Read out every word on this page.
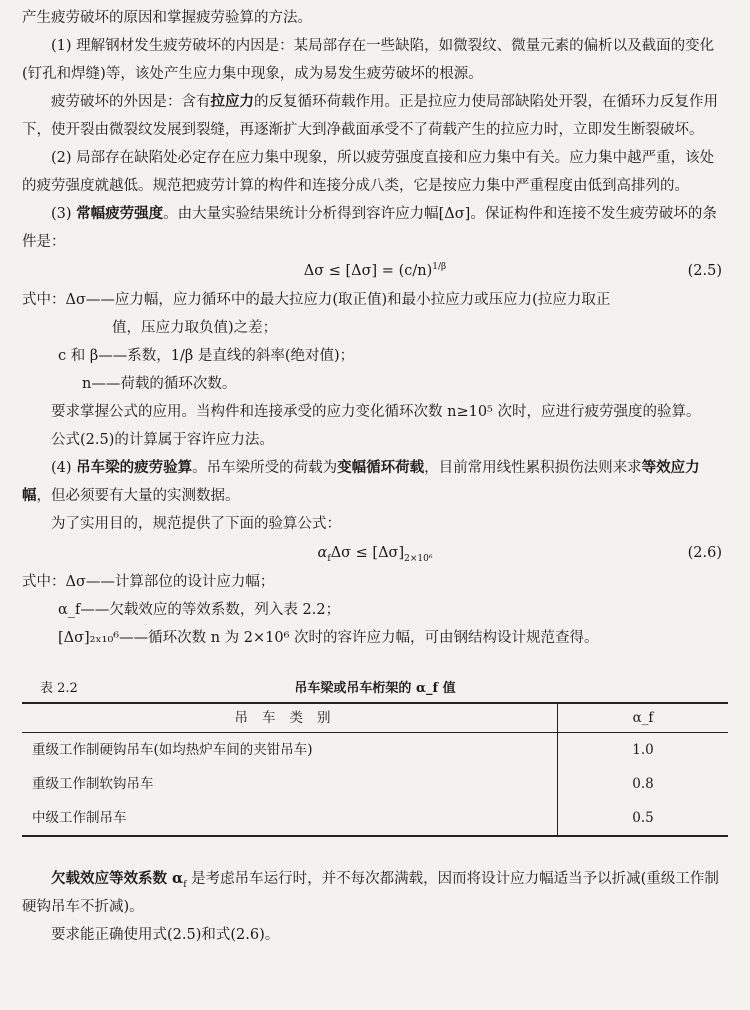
产生疲劳破坏的原因和掌握疲劳验算的方法。

(1) 理解钢材发生疲劳破坏的内因是：某局部存在一些缺陷，如微裂纹、微量元素的偏析以及截面的变化(钉孔和焊缝)等，该处产生应力集中现象，成为易发生疲劳破坏的根源。

疲劳破坏的外因是：含有拉应力的反复循环荷载作用。正是拉应力使局部缺陷处开裂，在循环力反复作用下，使开裂由微裂纹发展到裂缝，再逐渐扩大到净截面承受不了荷载产生的拉应力时，立即发生断裂破坏。

(2) 局部存在缺陷处必定存在应力集中现象，所以疲劳强度直接和应力集中有关。应力集中越严重，该处的疲劳强度就越低。规范把疲劳计算的构件和连接分成八类，它是按应力集中严重程度由低到高排列的。

(3) 常幅疲劳强度。由大量实验结果统计分析得到容许应力幅[Δσ]。保证构件和连接不发生疲劳破坏的条件是：

$\Delta\sigma \le [\Delta\sigma] = (c/n)^{1/\beta}$	(2.5)

式中：Δσ——应力幅，应力循环中的最大拉应力(取正值)和最小拉应力或压应力(拉应力取正

值，压应力取负值)之差；

c 和 β——系数，1/β 是直线的斜率(绝对值)；

n——荷载的循环次数。

要求掌握公式的应用。当构件和连接承受的应力变化循环次数 n≥10⁵ 次时，应进行疲劳强度的验算。

公式(2.5)的计算属于容许应力法。

(4) 吊车梁的疲劳验算。吊车梁所受的荷载为变幅循环荷载，目前常用线性累积损伤法则来求等效应力幅，但必须要有大量的实测数据。

为了实用目的，规范提供了下面的验算公式：

$\alpha_f\Delta\sigma \le [\Delta\sigma]_{2\times 10^6}$	(2.6)

式中：Δσ——计算部位的设计应力幅；

α_f——欠载效应的等效系数，列入表 2.2；

[Δσ]₂ₓ₁₀⁶——循环次数 n 为 2×10⁶ 次时的容许应力幅，可由钢结构设计规范查得。

表 2.2	吊车梁或吊车桁架的 α_f 值
吊车类别	α_f
重级工作制硬钩吊车(如均热炉车间的夹钳吊车)	1.0
重级工作制软钩吊车	0.8
中级工作制吊车	0.5

欠载效应等效系数 $\alpha_f$ 是考虑吊车运行时，并不每次都满载，因而将设计应力幅适当予以折减(重级工作制硬钩吊车不折减)。

要求能正确使用式(2.5)和式(2.6)。
